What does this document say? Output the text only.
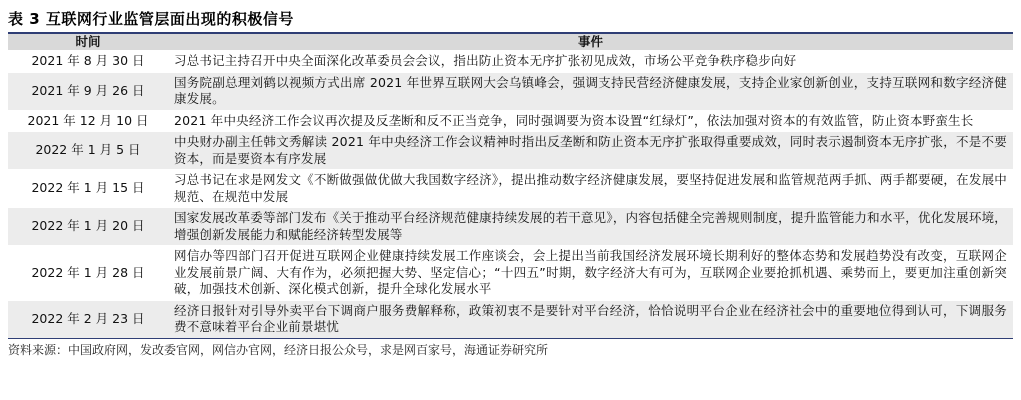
表 3 互联网行业监管层面出现的积极信号
时间	事件
2021 年 8 月 30 日	习总书记主持召开中央全面深化改革委员会会议，指出防止资本无序扩张初见成效，市场公平竞争秩序稳步向好
2021 年 9 月 26 日	国务院副总理刘鹤以视频方式出席 2021 年世界互联网大会乌镇峰会，强调支持民营经济健康发展，支持企业家创新创业，支持互联网和数字经济健康发展。
2021 年 12 月 10 日	2021 年中央经济工作会议再次提及反垄断和反不正当竞争，同时强调要为资本设置“红绿灯”，依法加强对资本的有效监管，防止资本野蛮生长
2022 年 1 月 5 日	中央财办副主任韩文秀解读 2021 年中央经济工作会议精神时指出反垄断和防止资本无序扩张取得重要成效，同时表示遏制资本无序扩张，不是不要资本，而是要资本有序发展
2022 年 1 月 15 日	习总书记在求是网发文《不断做强做优做大我国数字经济》，提出推动数字经济健康发展，要坚持促进发展和监管规范两手抓、两手都要硬，在发展中规范、在规范中发展
2022 年 1 月 20 日	国家发展改革委等部门发布《关于推动平台经济规范健康持续发展的若干意见》，内容包括健全完善规则制度，提升监管能力和水平，优化发展环境，增强创新发展能力和赋能经济转型发展等
2022 年 1 月 28 日	网信办等四部门召开促进互联网企业健康持续发展工作座谈会，会上提出当前我国经济发展环境长期利好的整体态势和发展趋势没有改变，互联网企业发展前景广阔、大有作为，必须把握大势、坚定信心；“十四五”时期，数字经济大有可为，互联网企业要抢抓机遇、乘势而上，要更加注重创新突破，加强技术创新、深化模式创新，提升全球化发展水平
2022 年 2 月 23 日	经济日报针对引导外卖平台下调商户服务费解释称，政策初衷不是要针对平台经济，恰恰说明平台企业在经济社会中的重要地位得到认可，下调服务费不意味着平台企业前景堪忧
资料来源：中国政府网，发改委官网，网信办官网，经济日报公众号，求是网百家号，海通证券研究所
